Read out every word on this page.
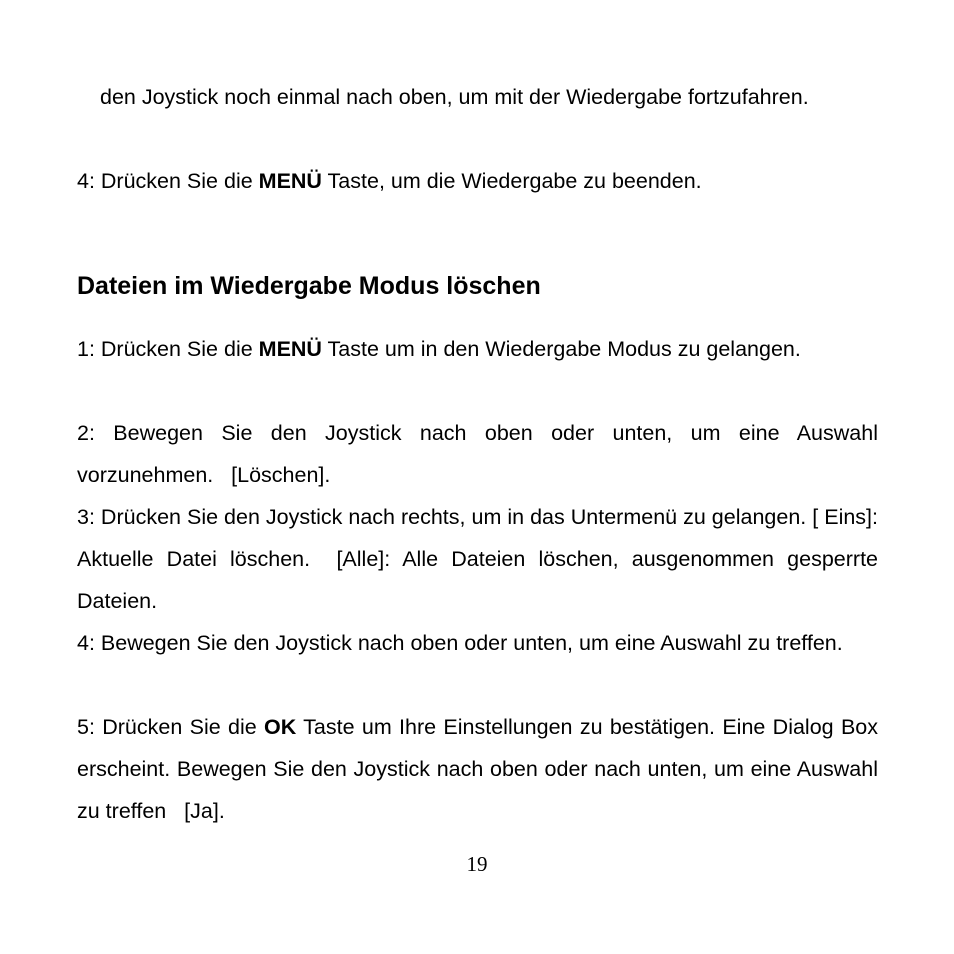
den Joystick noch einmal nach oben, um mit der Wiedergabe fortzufahren.

4: Drücken Sie die MENÜ Taste, um die Wiedergabe zu beenden.

Dateien im Wiedergabe Modus löschen

1: Drücken Sie die MENÜ Taste um in den Wiedergabe Modus zu gelangen.

2: Bewegen Sie den Joystick nach oben oder unten, um eine Auswahl vorzunehmen.   [Löschen].

3: Drücken Sie den Joystick nach rechts, um in das Untermenü zu gelangen. [ Eins]: Aktuelle Datei löschen.  [Alle]: Alle Dateien löschen, ausgenommen gesperrte Dateien.

4: Bewegen Sie den Joystick nach oben oder unten, um eine Auswahl zu treffen.

5: Drücken Sie die OK Taste um Ihre Einstellungen zu bestätigen. Eine Dialog Box erscheint. Bewegen Sie den Joystick nach oben oder nach unten, um eine Auswahl zu treffen   [Ja].

19
